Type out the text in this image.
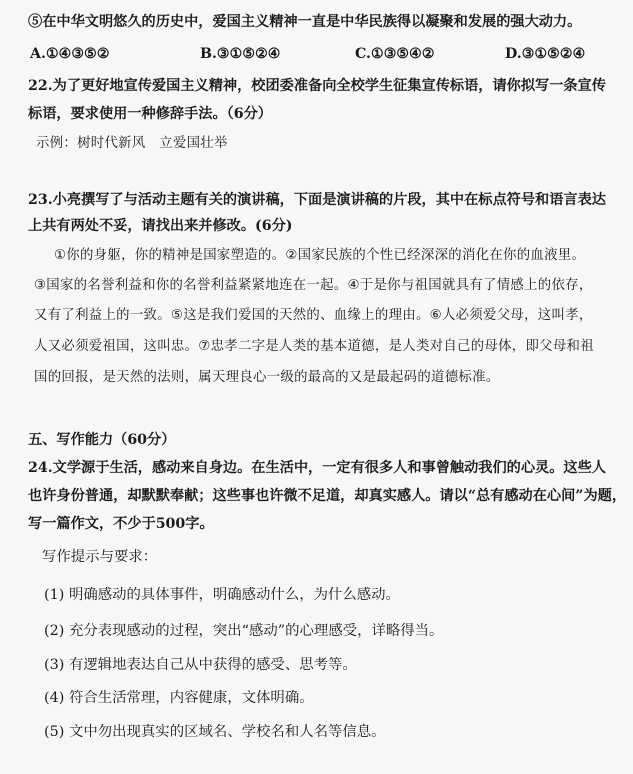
⑤在中华文明悠久的历史中，爱国主义精神一直是中华民族得以凝聚和发展的强大动力。
A.①④③⑤②	B.③①⑤②④	C.①③⑤④②	D.③①⑤②④
22.为了更好地宣传爱国主义精神，校团委准备向全校学生征集宣传标语，请你拟写一条宣传
标语，要求使用一种修辞手法。（6分）
示例：树时代新风　立爱国壮举
23.小亮撰写了与活动主题有关的演讲稿，下面是演讲稿的片段，其中在标点符号和语言表达
上共有两处不妥，请找出来并修改。(6分)
①你的身躯，你的精神是国家塑造的。②国家民族的个性已经深深的消化在你的血液里。
③国家的名誉利益和你的名誉利益紧紧地连在一起。④于是你与祖国就具有了情感上的依存，
又有了利益上的一致。⑤这是我们爱国的天然的、血缘上的理由。⑥人必须爱父母，这叫孝，
人又必须爱祖国，这叫忠。⑦忠孝二字是人类的基本道德，是人类对自己的母体，即父母和祖
国的回报，是天然的法则，属天理良心一级的最高的又是最起码的道德标准。
五、写作能力（60分）
24.文学源于生活，感动来自身边。在生活中，一定有很多人和事曾触动我们的心灵。这些人
也许身份普通，却默默奉献；这些事也许微不足道，却真实感人。请以“总有感动在心间”为题，
写一篇作文，不少于500字。
写作提示与要求：
(1) 明确感动的具体事件，明确感动什么，为什么感动。
(2) 充分表现感动的过程，突出“感动”的心理感受，详略得当。
(3) 有逻辑地表达自己从中获得的感受、思考等。
(4) 符合生活常理，内容健康，文体明确。
(5) 文中勿出现真实的区域名、学校名和人名等信息。
